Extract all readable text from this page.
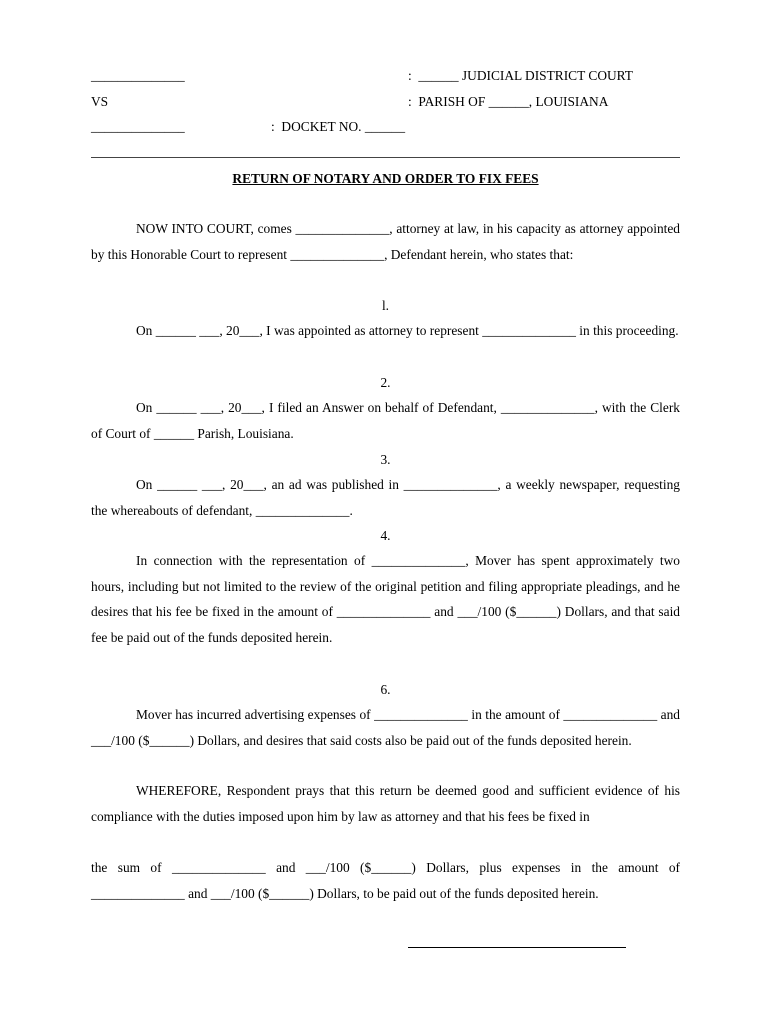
______________	:  ______ JUDICIAL DISTRICT COURT
VS	:  PARISH OF ______, LOUISIANA
______________	:  DOCKET NO. ______
RETURN OF NOTARY AND ORDER TO FIX FEES
NOW INTO COURT, comes ______________, attorney at law, in his capacity as attorney appointed by this Honorable Court to represent ______________, Defendant herein, who states that:
l.
On ______ ___, 20___, I was appointed as attorney to represent ______________ in this proceeding.
2.
On ______ ___, 20___, I filed an Answer on behalf of Defendant, ______________, with the Clerk of Court of ______ Parish, Louisiana.
3.
On ______ ___, 20___, an ad was published in ______________, a weekly newspaper, requesting the whereabouts of defendant, ______________.
4.
In connection with the representation of ______________, Mover has spent approximately two hours, including but not limited to the review of the original petition and filing appropriate pleadings, and he desires that his fee be fixed in the amount of ______________ and ___/100 ($______) Dollars, and that said fee be paid out of the funds deposited herein.
6.
Mover has incurred advertising expenses of ______________ in the amount of ______________ and ___/100 ($______) Dollars, and desires that said costs also be paid out of the funds deposited herein.
WHEREFORE, Respondent prays that this return be deemed good and sufficient evidence of his compliance with the duties imposed upon him by law as attorney and that his fees be fixed in
the sum of ______________ and ___/100 ($______) Dollars, plus expenses in the amount of ______________ and ___/100 ($______) Dollars, to be paid out of the funds deposited herein.
